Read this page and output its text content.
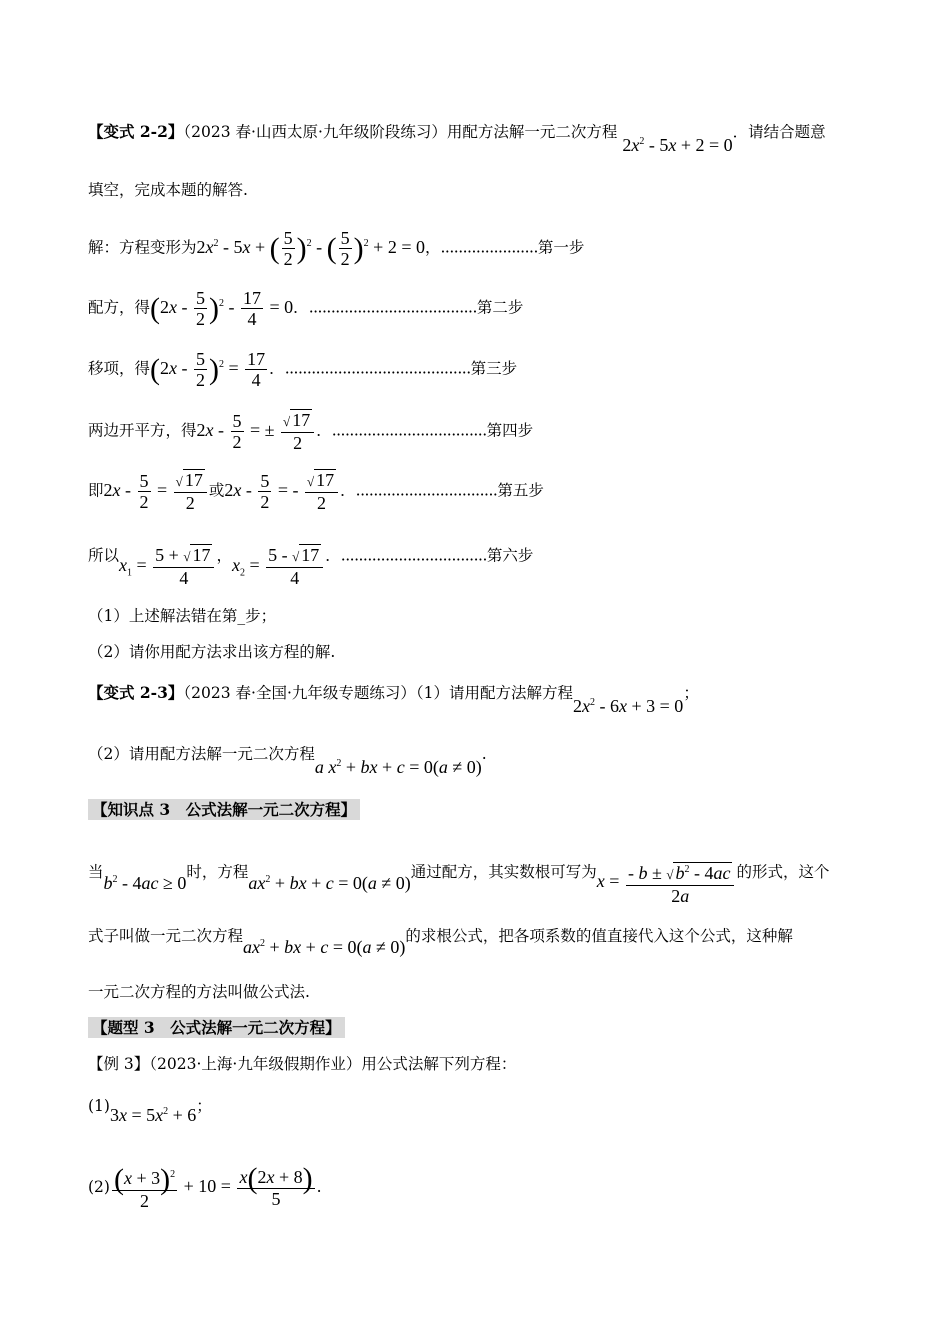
【变式 2-2】（2023 春·山西太原·九年级阶段练习）用配方法解一元二次方程 $2x^2 - 5x + 2 = 0$．请结合题意
填空，完成本题的解答.
解：方程变形为$2x^2 - 5x$ + ( $\frac{5}{2} )^2$ - ( $\frac{5}{2} )^2 + 2 = 0$，......................第一步
配方，得$(2x - \frac{5}{2} )^2 - \frac{17}{4} = 0$．......................................第二步
移项，得$(2x - \frac{5}{2} )^2 = \frac{17}{4}$ ．..........................................第三步
两边开平方，得$2x - \frac{5}{2}$ = ± $\frac{√ 17}{2}$ ．...................................第四步
即$2x - \frac{5}{2} = \frac{√ 17}{2}$ 或$2x - \frac{5}{2}$ = - $\frac{√ 17}{2}$ ．................................第五步
所以$x_1 = \frac{5 + √ 17}{4}$ ，$x_2 = \frac{5 - √ 17}{4}$ ．.................................第六步
（1）上述解法错在第_步；
（2）请你用配方法求出该方程的解.
【变式 2-3】（2023 春·全国·九年级专题练习）（1）请用配方法解方程$2x^2 - 6x + 3 = 0$；
（2）请用配方法解一元二次方程a $x^2$ + bx + c = 0(a ≠ 0).
【知识点 3　公式法解一元二次方程】
当$b^2 - 4ac \ge 0$时，方程$ax^2$ + bx + c = 0(a ≠ 0)通过配方，其实数根可写为$x = \frac{- b \pm √ b^2 - 4ac}{2a}$ 的形式，这个
式子叫做一元二次方程$ax^2$ + bx + c = 0(a ≠ 0)的求根公式，把各项系数的值直接代入这个公式，这种解
一元二次方程的方法叫做公式法.
【题型 3　公式法解一元二次方程】
【例 3】（2023·上海·九年级假期作业）用公式法解下列方程：
$(1)3x = 5x^2 + 6$；
$(2) \frac{(x + 3)^2}{2} + 10 = \frac{x(2x + 8)}{5}$ .
